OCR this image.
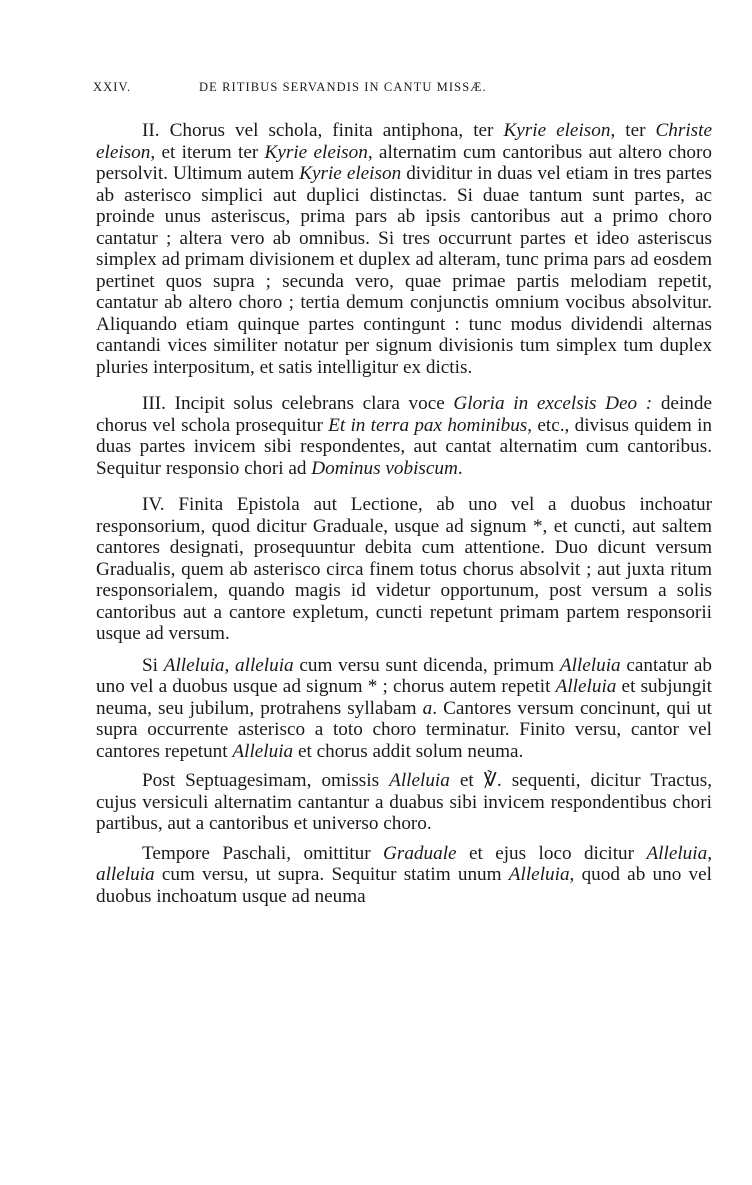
XXIV.	DE RITIBUS SERVANDIS IN CANTU MISSÆ.

II. Chorus vel schola, finita antiphona, ter Kyrie eleison, ter Christe eleison, et iterum ter Kyrie eleison, alternatim cum cantoribus aut altero choro persolvit. Ultimum autem Kyrie eleison dividitur in duas vel etiam in tres partes ab asterisco simplici aut duplici distinctas. Si duae tantum sunt partes, ac proinde unus asteriscus, prima pars ab ipsis cantoribus aut a primo choro cantatur ; altera vero ab omnibus. Si tres occurrunt partes et ideo asteriscus simplex ad primam divisionem et duplex ad alteram, tunc prima pars ad eosdem pertinet quos supra ; secunda vero, quae primae partis melodiam repetit, cantatur ab altero choro ; tertia demum conjunctis omnium vocibus absolvitur. Aliquando etiam quinque partes contingunt : tunc modus dividendi alternas cantandi vices similiter notatur per signum divisionis tum simplex tum duplex pluries interpositum, et satis intelligitur ex dictis.

III. Incipit solus celebrans clara voce Gloria in excelsis Deo : deinde chorus vel schola prosequitur Et in terra pax hominibus, etc., divisus quidem in duas partes invicem sibi respondentes, aut cantat alternatim cum cantoribus. Sequitur responsio chori ad Dominus vobiscum.

IV. Finita Epistola aut Lectione, ab uno vel a duobus inchoatur responsorium, quod dicitur Graduale, usque ad signum *, et cuncti, aut saltem cantores designati, prosequuntur debita cum attentione. Duo dicunt versum Gradualis, quem ab asterisco circa finem totus chorus absolvit ; aut juxta ritum responsorialem, quando magis id videtur opportunum, post versum a solis cantoribus aut a cantore expletum, cuncti repetunt primam partem responsorii usque ad versum.

Si Alleluia, alleluia cum versu sunt dicenda, primum Alleluia cantatur ab uno vel a duobus usque ad signum * ; chorus autem repetit Alleluia et subjungit neuma, seu jubilum, protrahens syllabam a. Cantores versum concinunt, qui ut supra occurrente asterisco a toto choro terminatur. Finito versu, cantor vel cantores repetunt Alleluia et chorus addit solum neuma.

Post Septuagesimam, omissis Alleluia et ℣. sequenti, dicitur Tractus, cujus versiculi alternatim cantantur a duabus sibi invicem respondentibus chori partibus, aut a cantoribus et universo choro.

Tempore Paschali, omittitur Graduale et ejus loco dicitur Alleluia, alleluia cum versu, ut supra. Sequitur statim unum Alleluia, quod ab uno vel duobus inchoatum usque ad neuma
